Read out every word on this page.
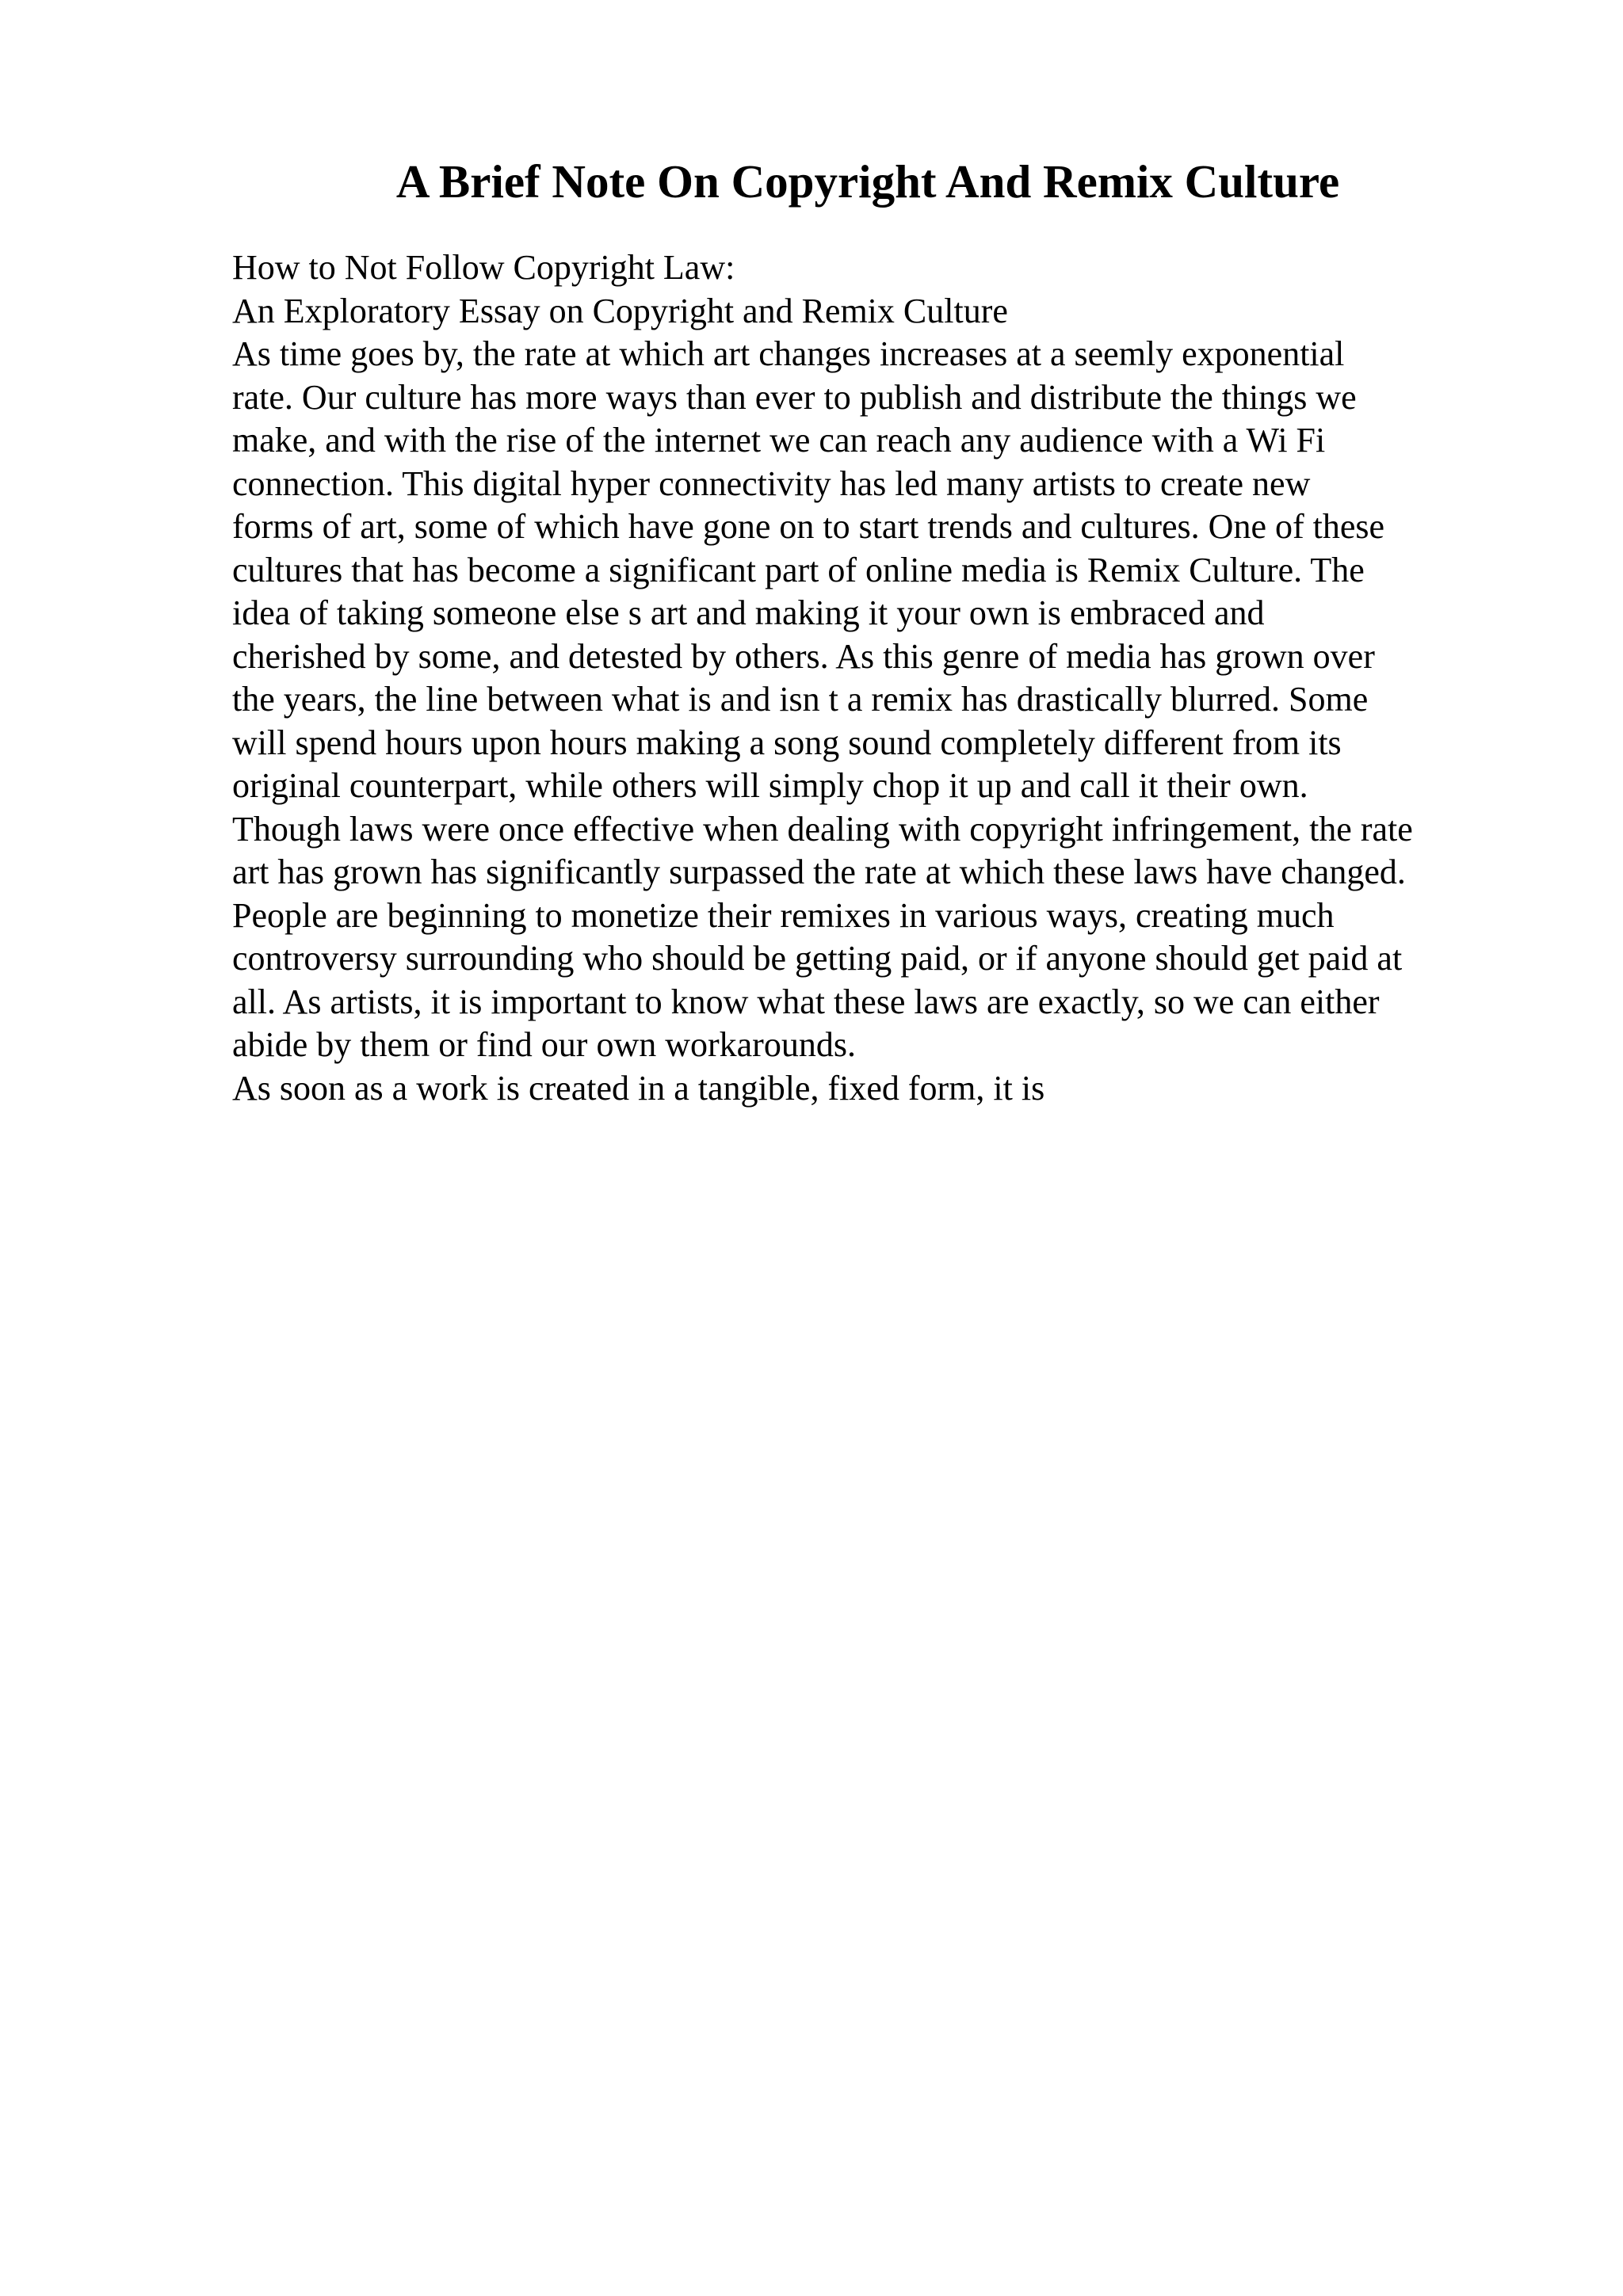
A Brief Note On Copyright And Remix Culture
How to Not Follow Copyright Law:
An Exploratory Essay on Copyright and Remix Culture
As time goes by, the rate at which art changes increases at a seemly exponential
rate. Our culture has more ways than ever to publish and distribute the things we
make, and with the rise of the internet we can reach any audience with a Wi Fi
connection. This digital hyper connectivity has led many artists to create new
forms of art, some of which have gone on to start trends and cultures. One of these
cultures that has become a significant part of online media is Remix Culture. The
idea of taking someone else s art and making it your own is embraced and
cherished by some, and detested by others. As this genre of media has grown over
the years, the line between what is and isn t a remix has drastically blurred. Some
will spend hours upon hours making a song sound completely different from its
original counterpart, while others will simply chop it up and call it their own.
Though laws were once effective when dealing with copyright infringement, the rate
art has grown has significantly surpassed the rate at which these laws have changed.
People are beginning to monetize their remixes in various ways, creating much
controversy surrounding who should be getting paid, or if anyone should get paid at
all. As artists, it is important to know what these laws are exactly, so we can either
abide by them or find our own workarounds.
As soon as a work is created in a tangible, fixed form, it is
